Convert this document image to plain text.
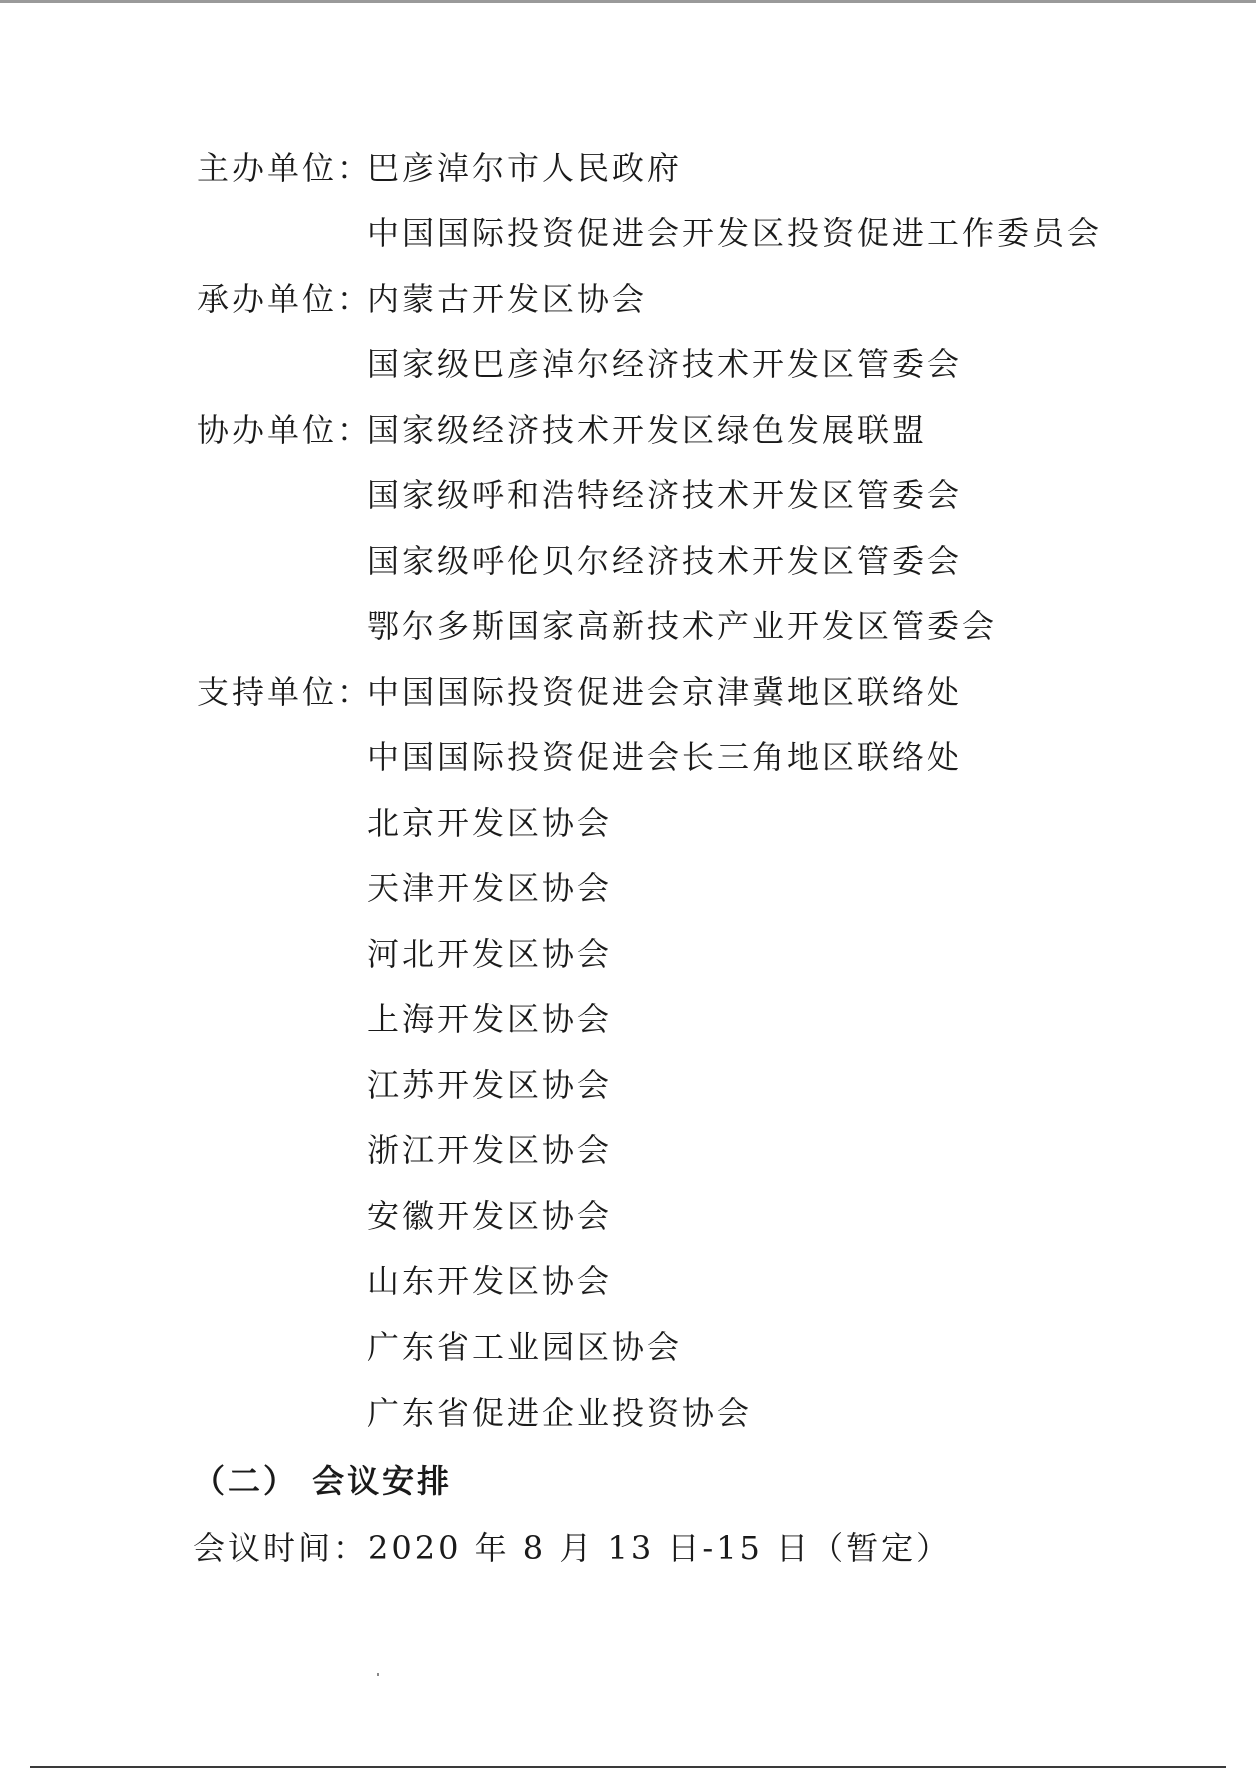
主办单位：
巴彦淖尔市人民政府
中国国际投资促进会开发区投资促进工作委员会
承办单位：
内蒙古开发区协会
国家级巴彦淖尔经济技术开发区管委会
协办单位：
国家级经济技术开发区绿色发展联盟
国家级呼和浩特经济技术开发区管委会
国家级呼伦贝尔经济技术开发区管委会
鄂尔多斯国家高新技术产业开发区管委会
支持单位：
中国国际投资促进会京津冀地区联络处
中国国际投资促进会长三角地区联络处
北京开发区协会
天津开发区协会
河北开发区协会
上海开发区协会
江苏开发区协会
浙江开发区协会
安徽开发区协会
山东开发区协会
广东省工业园区协会
广东省促进企业投资协会
（二） 会议安排
会议时间：2020 年 8 月 13 日-15 日（暂定）
